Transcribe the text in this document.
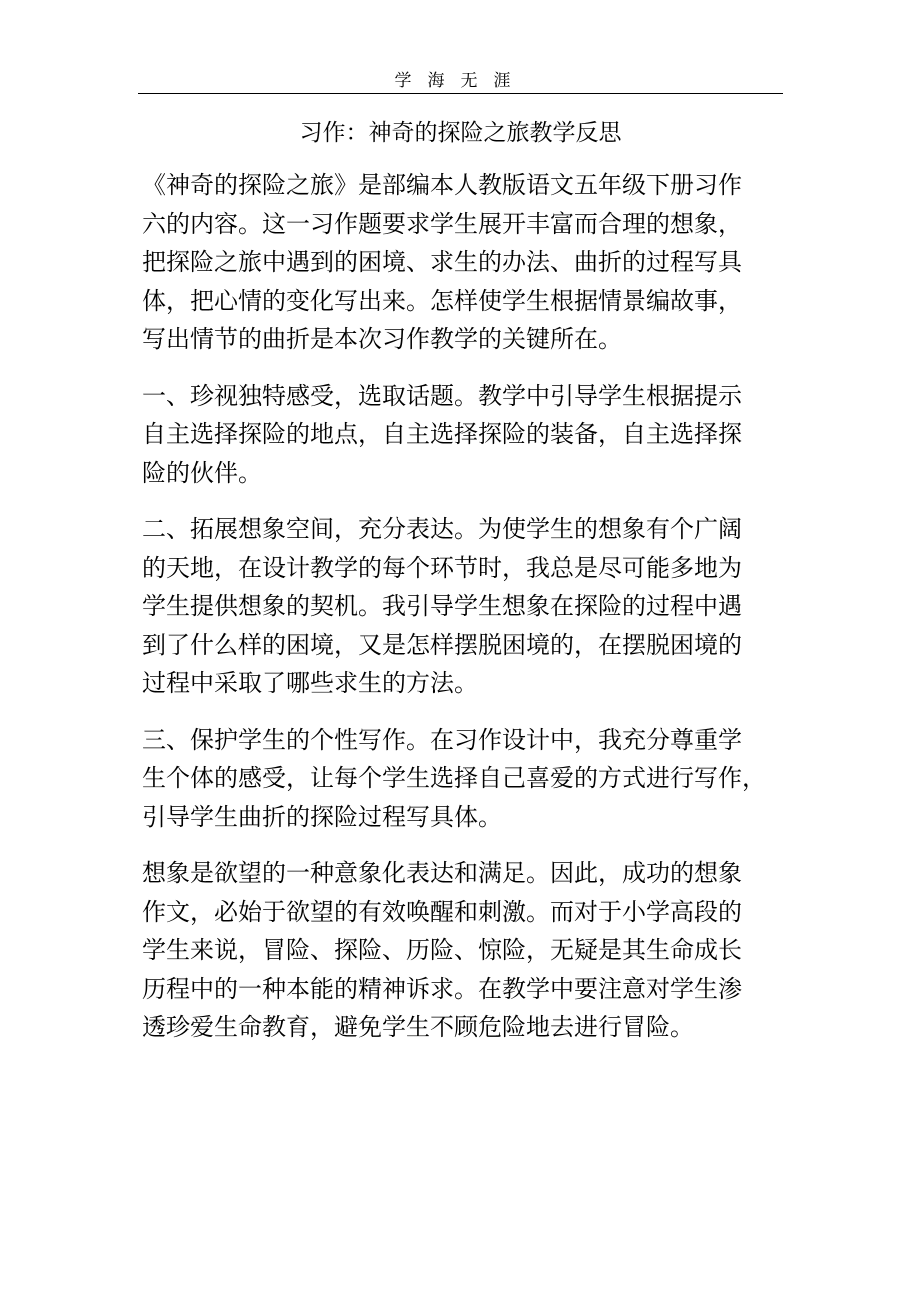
学海无涯
习作：神奇的探险之旅教学反思
《神奇的探险之旅》是部编本人教版语文五年级下册习作
六的内容。这一习作题要求学生展开丰富而合理的想象，
把探险之旅中遇到的困境、求生的办法、曲折的过程写具
体，把心情的变化写出来。怎样使学生根据情景编故事，
写出情节的曲折是本次习作教学的关键所在。
一、珍视独特感受，选取话题。教学中引导学生根据提示
自主选择探险的地点，自主选择探险的装备，自主选择探
险的伙伴。
二、拓展想象空间，充分表达。为使学生的想象有个广阔
的天地，在设计教学的每个环节时，我总是尽可能多地为
学生提供想象的契机。我引导学生想象在探险的过程中遇
到了什么样的困境，又是怎样摆脱困境的，在摆脱困境的
过程中采取了哪些求生的方法。
三、保护学生的个性写作。在习作设计中，我充分尊重学
生个体的感受，让每个学生选择自己喜爱的方式进行写作，
引导学生曲折的探险过程写具体。
想象是欲望的一种意象化表达和满足。因此，成功的想象
作文，必始于欲望的有效唤醒和刺激。而对于小学高段的
学生来说，冒险、探险、历险、惊险，无疑是其生命成长
历程中的一种本能的精神诉求。在教学中要注意对学生渗
透珍爱生命教育，避免学生不顾危险地去进行冒险。
